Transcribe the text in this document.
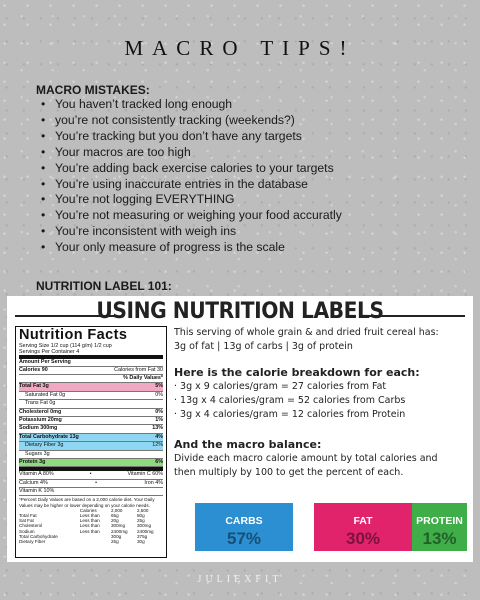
MACRO TIPS!
MACRO MISTAKES:
• You haven’t tracked long enough
• you’re not consistently tracking (weekends?)
• You’re tracking but you don’t have any targets
• Your macros are too high
• You’re adding back exercise calories to your targets
• You’re using inaccurate entries in the database
• You’re not logging EVERYTHING
• You’re not measuring or weighing your food accuratly
• You’re inconsistent with weigh ins
• Your only measure of progress is the scale
NUTRITION LABEL 101:
USING NUTRITION LABELS
Nutrition Facts
Serving Size 1/2 cup (114 g/m) 1/2 cup
Servings Per Container 4
Amount Per Serving
Calories 90	Calories from Fat 30
% Daily Values*
Total Fat 3g	5%
Saturated Fat 0g	0%
Trans Fat 0g
Cholesterol 0mg	0%
Potassium 20mg	1%
Sodium 300mg	13%
Total Carbohydrate 13g	4%
Dietary Fiber 3g	12%
Sugars 3g
Protein 3g	6%
Vitamin A 80%	•	Vitamin C 60%
Calcium 4%	•	Iron 4%
Vitamin K 10%
*Percent Daily Values are based on a 2,000 calorie diet. Your Daily Values may be higher or lower depending on your calorie needs.
	Calories	2,000	2,500
Total Fat	Less than	65g	80g
Sat Fat	Less than	20g	25g
Cholesterol	Less than	300mg	300mg
Sodium	Less than	2400mg	2400mg
Total Carbohydrate		300g	375g
Dietary Fiber		25g	30g
This serving of whole grain & and dried fruit cereal has:
3g of fat | 13g of carbs | 3g of protein
Here is the calorie breakdown for each:
· 3g x 9 calories/gram = 27 calories from Fat
· 13g x 4 calories/gram = 52 calories from Carbs
· 3g x 4 calories/gram = 12 calories from Protein
And the macro balance:
Divide each macro calorie amount by total calories and
then multiply by 100 to get the percent of each.
CARBS
57%
FAT
30%
PROTEIN
13%
JULIEXFIT
